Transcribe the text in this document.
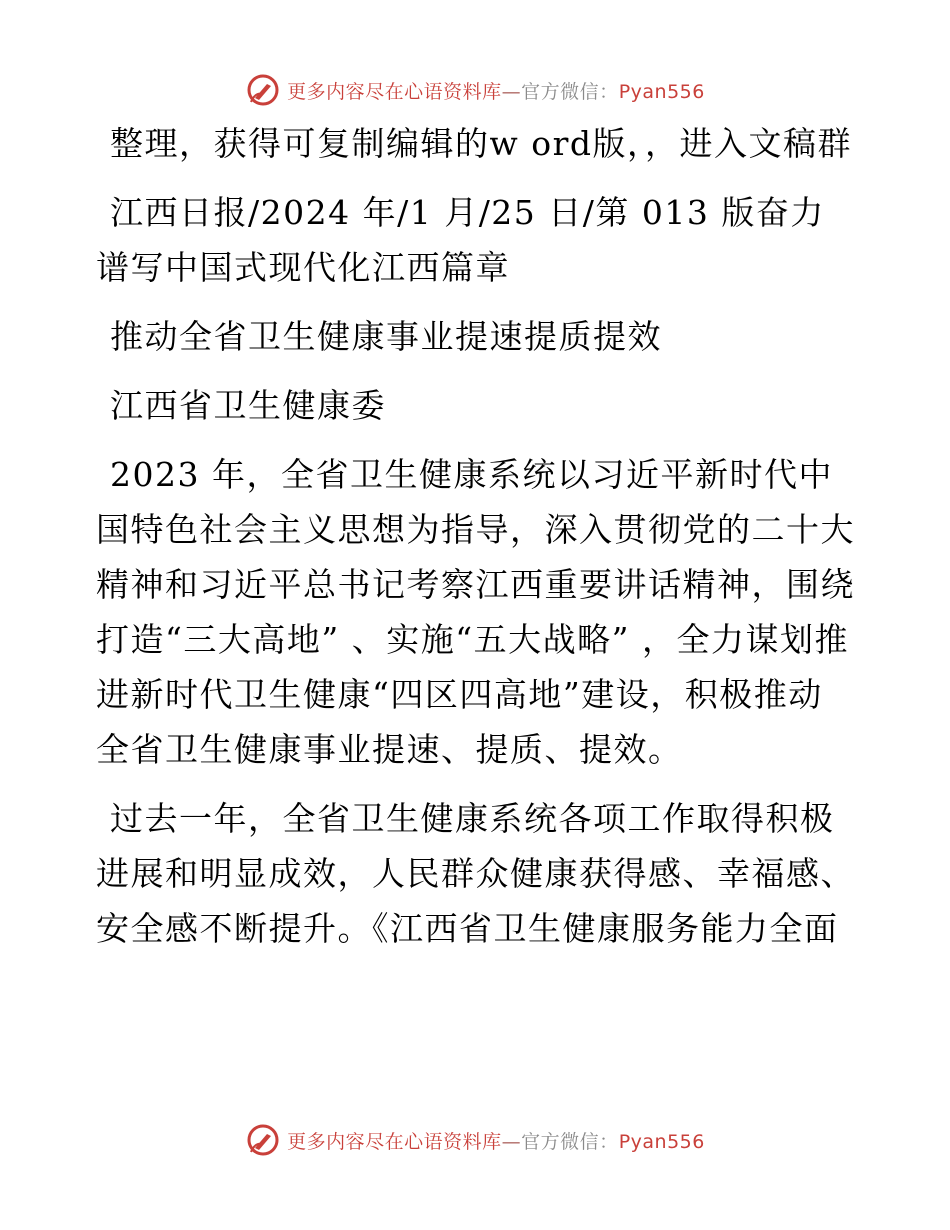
更多内容尽在心语资料库—官方微信：Pyan556

整理，获得可复制编辑的w ord版，，进入文稿群

江西日报/2024 年/1 月/25 日/第 013 版奋力谱写中国式现代化江西篇章

推动全省卫生健康事业提速提质提效

江西省卫生健康委

2023 年，全省卫生健康系统以习近平新时代中国特色社会主义思想为指导，深入贯彻党的二十大精神和习近平总书记考察江西重要讲话精神，围绕打造“三大高地” 、实施“五大战略” ，全力谋划推进新时代卫生健康“四区四高地”建设，积极推动全省卫生健康事业提速、提质、提效。

过去一年，全省卫生健康系统各项工作取得积极进展和明显成效，人民群众健康获得感、幸福感、安全感不断提升。《江西省卫生健康服务能力全面

更多内容尽在心语资料库—官方微信：Pyan556
